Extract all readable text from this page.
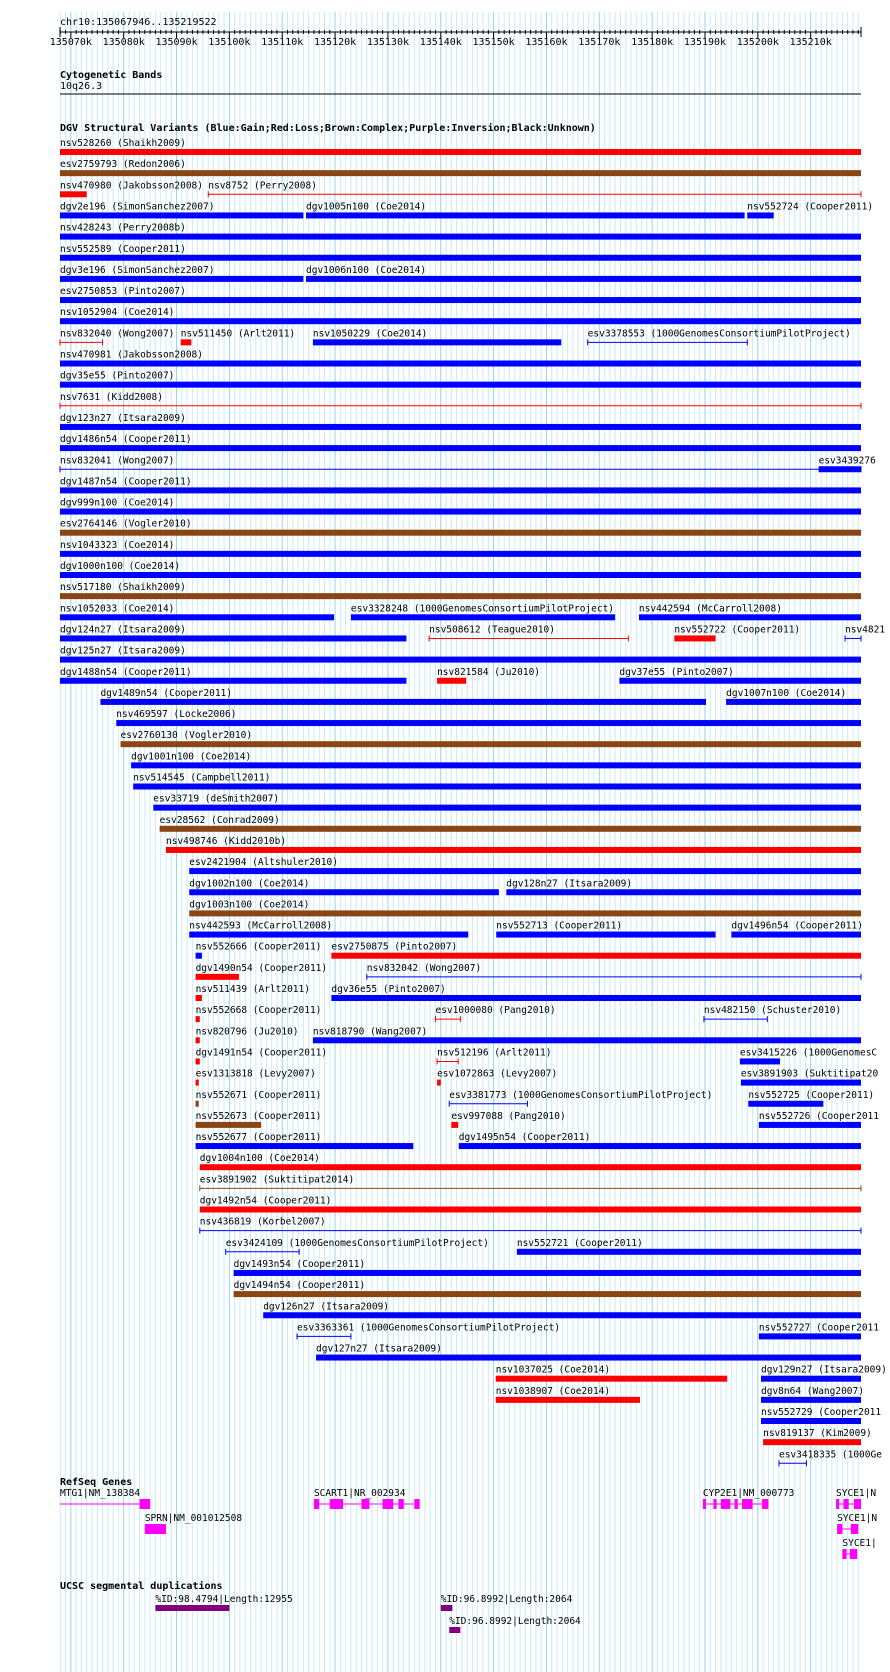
chr10:135067946..135219522
135070k 135080k 135090k 135100k 135110k 135120k 135130k 135140k 135150k 135160k 135170k 135180k 135190k 135200k 135210k
Cytogenetic Bands
10q26.3
DGV Structural Variants (Blue:Gain;Red:Loss;Brown:Complex;Purple:Inversion;Black:Unknown)
nsv528260 (Shaikh2009)
esv2759793 (Redon2006)
nsv470980 (Jakobsson2008) nsv8752 (Perry2008)
dgv2e196 (SimonSanchez2007)	dgv1005n100 (Coe2014)	nsv552724 (Cooper2011)
nsv428243 (Perry2008b)
nsv552589 (Cooper2011)
dgv3e196 (SimonSanchez2007)	dgv1006n100 (Coe2014)
esv2750853 (Pinto2007)
nsv1052904 (Coe2014)
nsv832040 (Wong2007) nsv511450 (Arlt2011) nsv1050229 (Coe2014)	esv3378553 (1000GenomesConsortiumPilotProject)
nsv470981 (Jakobsson2008)
dgv35e55 (Pinto2007)
nsv7631 (Kidd2008)
dgv123n27 (Itsara2009)
dgv1486n54 (Cooper2011)
nsv832041 (Wong2007)	esv3439276
dgv1487n54 (Cooper2011)
dgv999n100 (Coe2014)
esv2764146 (Vogler2010)
nsv1043323 (Coe2014)
dgv1000n100 (Coe2014)
nsv517180 (Shaikh2009)
nsv1052033 (Coe2014)	esv3328248 (1000GenomesConsortiumPilotProject)	nsv442594 (McCarroll2008)
dgv124n27 (Itsara2009)	nsv508612 (Teague2010)	nsv552722 (Cooper2011)	nsv4821
dgv125n27 (Itsara2009)
dgv1488n54 (Cooper2011)	nsv821584 (Ju2010)	dgv37e55 (Pinto2007)
dgv1489n54 (Cooper2011)	dgv1007n100 (Coe2014)
nsv469597 (Locke2006)
esv2760130 (Vogler2010)
dgv1001n100 (Coe2014)
nsv514545 (Campbell2011)
esv33719 (deSmith2007)
esv28562 (Conrad2009)
nsv498746 (Kidd2010b)
esv2421904 (Altshuler2010)
dgv1002n100 (Coe2014)	dgv128n27 (Itsara2009)
dgv1003n100 (Coe2014)
nsv442593 (McCarroll2008)	nsv552713 (Cooper2011)	dgv1496n54 (Cooper2011)
nsv552666 (Cooper2011) esv2750875 (Pinto2007)
dgv1490n54 (Cooper2011)	nsv832042 (Wong2007)
nsv511439 (Arlt2011) dgv36e55 (Pinto2007)
nsv552668 (Cooper2011)	esv1000080 (Pang2010)	nsv482150 (Schuster2010)
nsv820796 (Ju2010) nsv818790 (Wang2007)
dgv1491n54 (Cooper2011)	nsv512196 (Arlt2011)	esv3415226 (1000GenomesC
esv1313818 (Levy2007)	esv1072863 (Levy2007)	esv3891903 (Suktitipat20
nsv552671 (Cooper2011)	esv3381773 (1000GenomesConsortiumPilotProject)	nsv552725 (Cooper2011)
nsv552673 (Cooper2011)	esv997088 (Pang2010)	nsv552726 (Cooper2011
nsv552677 (Cooper2011)	dgv1495n54 (Cooper2011)
dgv1004n100 (Coe2014)
esv3891902 (Suktitipat2014)
dgv1492n54 (Cooper2011)
nsv436819 (Korbel2007)
esv3424109 (1000GenomesConsortiumPilotProject)	nsv552721 (Cooper2011)
dgv1493n54 (Cooper2011)
dgv1494n54 (Cooper2011)
dgv126n27 (Itsara2009)
esv3363361 (1000GenomesConsortiumPilotProject)	nsv552727 (Cooper2011
dgv127n27 (Itsara2009)
nsv1037025 (Coe2014)	dgv129n27 (Itsara2009)
nsv1038907 (Coe2014)	dgv8n64 (Wang2007)
nsv552729 (Cooper2011
nsv819137 (Kim2009)
esv3418335 (1000Ge
RefSeq Genes
MTG1|NM_138384
SPRN|NM_001012508
SCART1|NR_002934	CYP2E1|NM_000773	SYCE1|N
SYCE1|N
SYCE1|
UCSC segmental duplications
%ID:98.4794|Length:12955	%ID:96.8992|Length:2064
%ID:96.8992|Length:2064
